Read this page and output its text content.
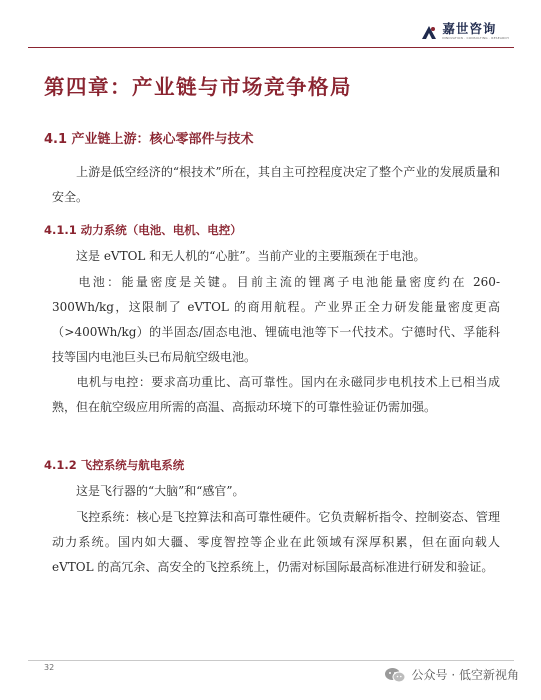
嘉世咨询
INNOVATION · CONSULTING · RESEARCH
第四章：产业链与市场竞争格局
4.1 产业链上游：核心零部件与技术
上游是低空经济的“根技术”所在，其自主可控程度决定了整个产业的发展质量和安全。
4.1.1 动力系统（电池、电机、电控）
这是 eVTOL 和无人机的“心脏”。当前产业的主要瓶颈在于电池。
电池：能量密度是关键。目前主流的锂离子电池能量密度约在 260-300Wh/kg，这限制了 eVTOL 的商用航程。产业界正全力研发能量密度更高（>400Wh/kg）的半固态/固态电池、锂硫电池等下一代技术。宁德时代、孚能科技等国内电池巨头已布局航空级电池。
电机与电控：要求高功重比、高可靠性。国内在永磁同步电机技术上已相当成熟，但在航空级应用所需的高温、高振动环境下的可靠性验证仍需加强。
4.1.2 飞控系统与航电系统
这是飞行器的“大脑”和“感官”。
飞控系统：核心是飞控算法和高可靠性硬件。它负责解析指令、控制姿态、管理动力系统。国内如大疆、零度智控等企业在此领域有深厚积累，但在面向载人 eVTOL 的高冗余、高安全的飞控系统上，仍需对标国际最高标准进行研发和验证。
32
公众号 · 低空新视角
